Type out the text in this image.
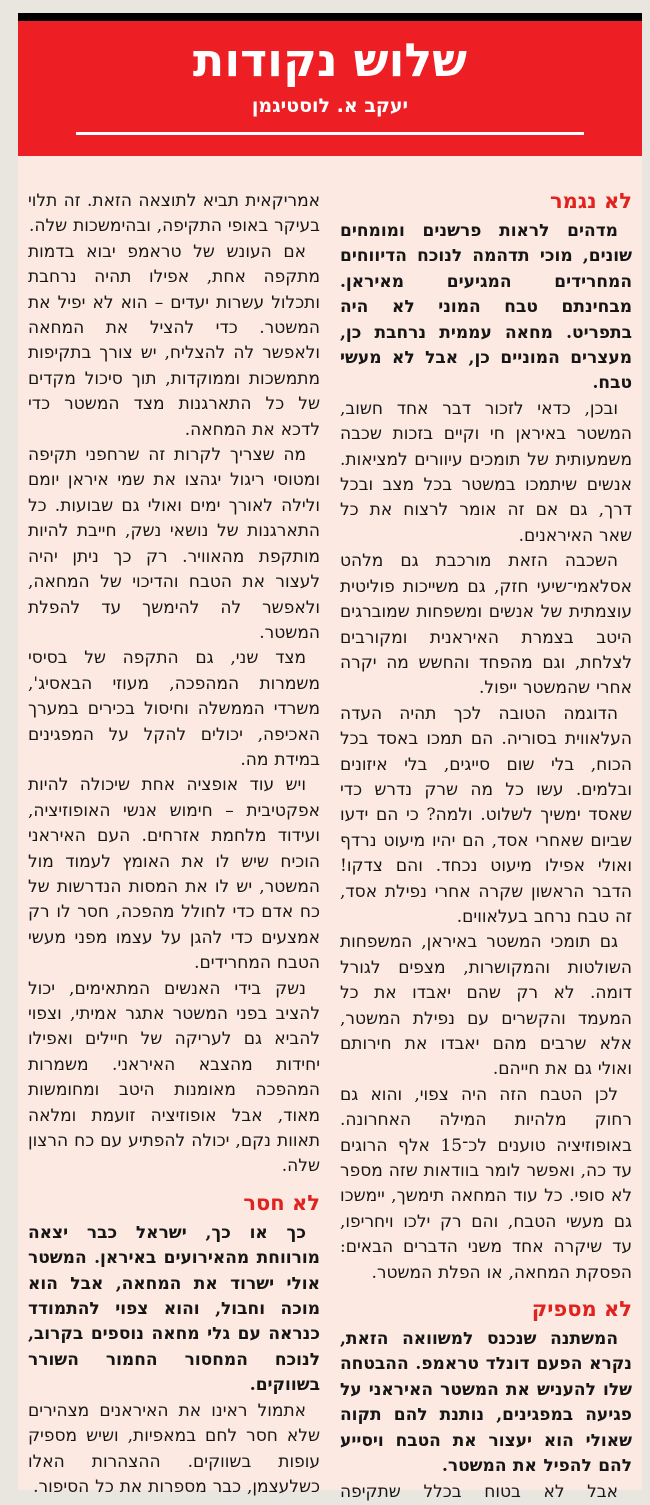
שלוש נקודות
יעקב א. לוסטיגמן
לא נגמר

מדהים לראות פרשנים ומומחים שונים, מוכי תדהמה לנוכח הדיווחים המחרידים המגיעים מאיראן. מבחינתם טבח המוני לא היה בתפריט. מחאה עממית נרחבת כן, מעצרים המוניים כן, אבל לא מעשי טבח.

ובכן, כדאי לזכור דבר אחד חשוב, המשטר באיראן חי וקיים בזכות שכבה משמעותית של תומכים עיוורים למציאות. אנשים שיתמכו במשטר בכל מצב ובכל דרך, גם אם זה אומר לרצוח את כל שאר האיראנים.

השכבה הזאת מורכבת גם מלהט אסלאמי־שיעי חזק, גם משייכות פוליטית עוצמתית של אנשים ומשפחות שמוברגים היטב בצמרת האיראנית ומקורבים לצלחת, וגם מהפחד והחשש מה יקרה אחרי שהמשטר ייפול.

הדוגמה הטובה לכך תהיה העדה העלאווית בסוריה. הם תמכו באסד בכל הכוח, בלי שום סייגים, בלי איזונים ובלמים. עשו כל מה שרק נדרש כדי שאסד ימשיך לשלוט. ולמה? כי הם ידעו שביום שאחרי אסד, הם יהיו מיעוט נרדף ואולי אפילו מיעוט נכחד. והם צדקו! הדבר הראשון שקרה אחרי נפילת אסד, זה טבח נרחב בעלאווים.

גם תומכי המשטר באיראן, המשפחות השולטות והמקושרות, מצפים לגורל דומה. לא רק שהם יאבדו את כל המעמד והקשרים עם נפילת המשטר, אלא שרבים מהם יאבדו את חירותם ואולי גם את חייהם.

לכן הטבח הזה היה צפוי, והוא גם רחוק מלהיות המילה האחרונה. באופוזיציה טוענים לכ־15 אלף הרוגים עד כה, ואפשר לומר בוודאות שזה מספר לא סופי. כל עוד המחאה תימשך, יימשכו גם מעשי הטבח, והם רק ילכו ויחריפו, עד שיקרה אחד משני הדברים הבאים: הפסקת המחאה, או הפלת המשטר.

לא מספיק

המשתנה שנכנס למשוואה הזאת, נקרא הפעם דונלד טראמפ. ההבטחה שלו להעניש את המשטר האיראני על פגיעה במפגינים, נותנת להם תקוה שאולי הוא יעצור את הטבח ויסייע להם להפיל את המשטר.

אבל לא בטוח בכלל שתקיפה

אמריקאית תביא לתוצאה הזאת. זה תלוי בעיקר באופי התקיפה, ובהימשכות שלה.

אם העונש של טראמפ יבוא בדמות מתקפה אחת, אפילו תהיה נרחבת ותכלול עשרות יעדים – הוא לא יפיל את המשטר. כדי להציל את המחאה ולאפשר לה להצליח, יש צורך בתקיפות מתמשכות וממוקדות, תוך סיכול מקדים של כל התארגנות מצד המשטר כדי לדכא את המחאה.

מה שצריך לקרות זה שרחפני תקיפה ומטוסי ריגול יגהצו את שמי איראן יומם ולילה לאורך ימים ואולי גם שבועות. כל התארגנות של נושאי נשק, חייבת להיות מותקפת מהאוויר. רק כך ניתן יהיה לעצור את הטבח והדיכוי של המחאה, ולאפשר לה להימשך עד להפלת המשטר.

מצד שני, גם התקפה של בסיסי משמרות המהפכה, מעוזי הבאסיג', משרדי הממשלה וחיסול בכירים במערך האכיפה, יכולים להקל על המפגינים במידת מה.

ויש עוד אופציה אחת שיכולה להיות אפקטיבית – חימוש אנשי האופוזיציה, ועידוד מלחמת אזרחים. העם האיראני הוכיח שיש לו את האומץ לעמוד מול המשטר, יש לו את המסות הנדרשות של כח אדם כדי לחולל מהפכה, חסר לו רק אמצעים כדי להגן על עצמו מפני מעשי הטבח המחרידים.

נשק בידי האנשים המתאימים, יכול להציב בפני המשטר אתגר אמיתי, וצפוי להביא גם לעריקה של חיילים ואפילו יחידות מהצבא האיראני. משמרות המהפכה מאומנות היטב ומחומשות מאוד, אבל אופוזיציה זועמת ומלאה תאוות נקם, יכולה להפתיע עם כח הרצון שלה.

לא חסר

כך או כך, ישראל כבר יצאה מורווחת מהאירועים באיראן. המשטר אולי ישרוד את המחאה, אבל הוא מוכה וחבול, והוא צפוי להתמודד כנראה עם גלי מחאה נוספים בקרוב, לנוכח המחסור החמור השורר בשווקים.

אתמול ראינו את האיראנים מצהירים שלא חסר לחם במאפיות, ושיש מספיק עופות בשווקים. ההצהרות האלו כשלעצמן, כבר מספרות את כל הסיפור.
